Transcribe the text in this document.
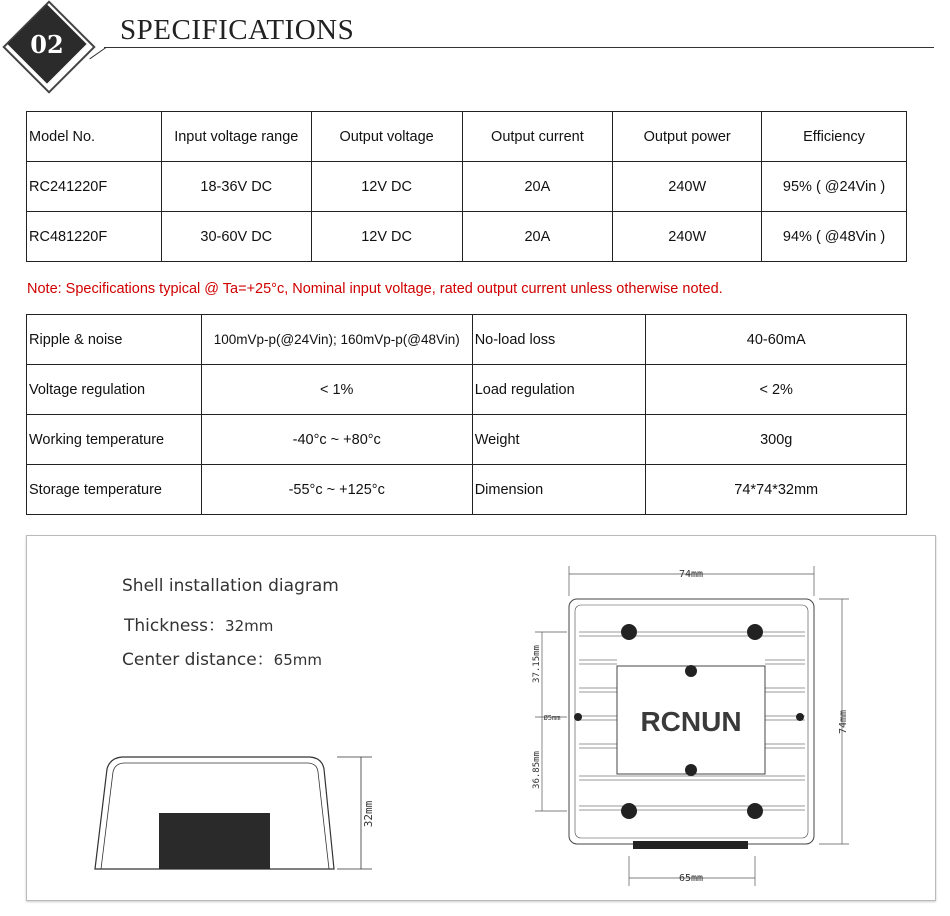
02	SPECIFICATIONS
Model No.	Input voltage range	Output voltage	Output current	Output power	Efficiency
RC241220F	18-36V DC	12V DC	20A	240W	95% ( @24Vin )
RC481220F	30-60V DC	12V DC	20A	240W	94% ( @48Vin )
Note: Specifications typical @ Ta=+25°c, Nominal input voltage, rated output current unless otherwise noted.
Ripple & noise	100mVp-p(@24Vin); 160mVp-p(@48Vin)	No-load loss	40-60mA
Voltage regulation	< 1%	Load regulation	< 2%
Working temperature	-40°c ~ +80°c	Weight	300g
Storage temperature	-55°c ~ +125°c	Dimension	74*74*32mm
Shell installation diagram
Thickness：32mm
Center distance：65mm
32mm
RCNUN
74mm
74mm
65mm
37.15mm
36.85mm
Ø5mm
